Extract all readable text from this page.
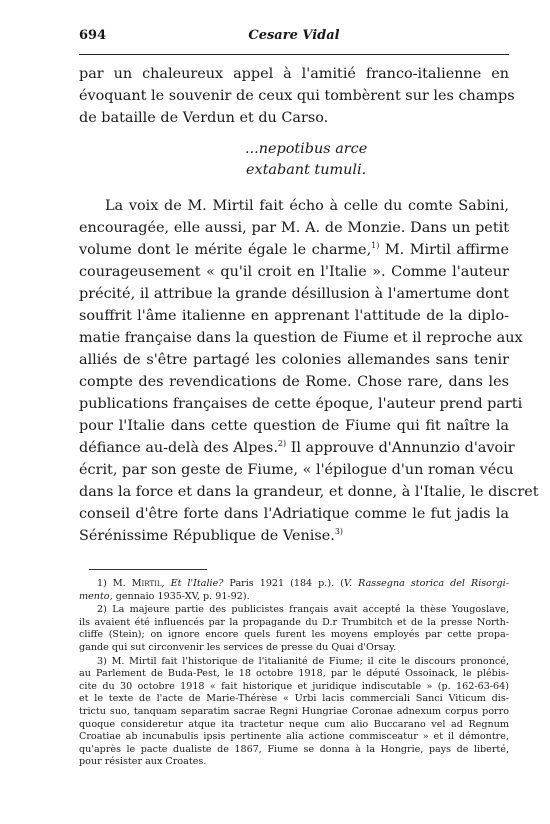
694	Cesare Vidal

par un chaleureux appel à l'amitié franco-italienne en
évoquant le souvenir de ceux qui tombèrent sur les champs
de bataille de Verdun et du Carso.

...nepotibus arce
extabant tumuli.

La voix de M. Mirtil fait écho à celle du comte Sabini,
encouragée, elle aussi, par M. A. de Monzie. Dans un petit
volume dont le mérite égale le charme,$^{1)}$ M. Mirtil affirme
courageusement « qu'il croit en l'Italie ». Comme l'auteur
précité, il attribue la grande désillusion à l'amertume dont
souffrit l'âme italienne en apprenant l'attitude de la diplo-
matie française dans la question de Fiume et il reproche aux
alliés de s'être partagé les colonies allemandes sans tenir
compte des revendications de Rome. Chose rare, dans les
publications françaises de cette époque, l'auteur prend parti
pour l'Italie dans cette question de Fiume qui fit naître la
défiance au-delà des Alpes.$^{2)}$ Il approuve d'Annunzio d'avoir
écrit, par son geste de Fiume, « l'épilogue d'un roman vécu
dans la force et dans la grandeur, et donne, à l'Italie, le discret
conseil d'être forte dans l'Adriatique comme le fut jadis la
Sérénissime République de Venise.$^{3)}$

1) M. Mirtil, Et l'Italie? Paris 1921 (184 p.). (V. Rassegna storica del Risorgi-
mento, gennaio 1935-XV, p. 91-92).
2) La majeure partie des publicistes français avait accepté la thèse Yougoslave,
ils avaient été influencés par la propagande du D.r Trumbitch et de la presse North-
cliffe (Stein); on ignore encore quels furent les moyens employés par cette propa-
gande qui sut circonvenir les services de presse du Quai d'Orsay.
3) M. Mirtil fait l'historique de l'italianité de Fiume; il cite le discours prononcé,
au Parlement de Buda-Pest, le 18 octobre 1918, par le député Ossoinack, le plébis-
cite du 30 octobre 1918 « fait historique et juridique indiscutable » (p. 162-63-64)
et le texte de l'acte de Marie-Thérèse « Urbi lacis commerciali Sanci Viticum dis-
trictu suo, tanquam separatim sacrae Regni Hungriae Coronae adnexum corpus porro
quoque consideretur atque ita tractetur neque cum alio Buccarano vel ad Regnum
Croatiae ab incunabulis ipsis pertinente alia actione commisceatur » et il démontre,
qu'après le pacte dualiste de 1867, Fiume se donna à la Hongrie, pays de liberté,
pour résister aux Croates.
